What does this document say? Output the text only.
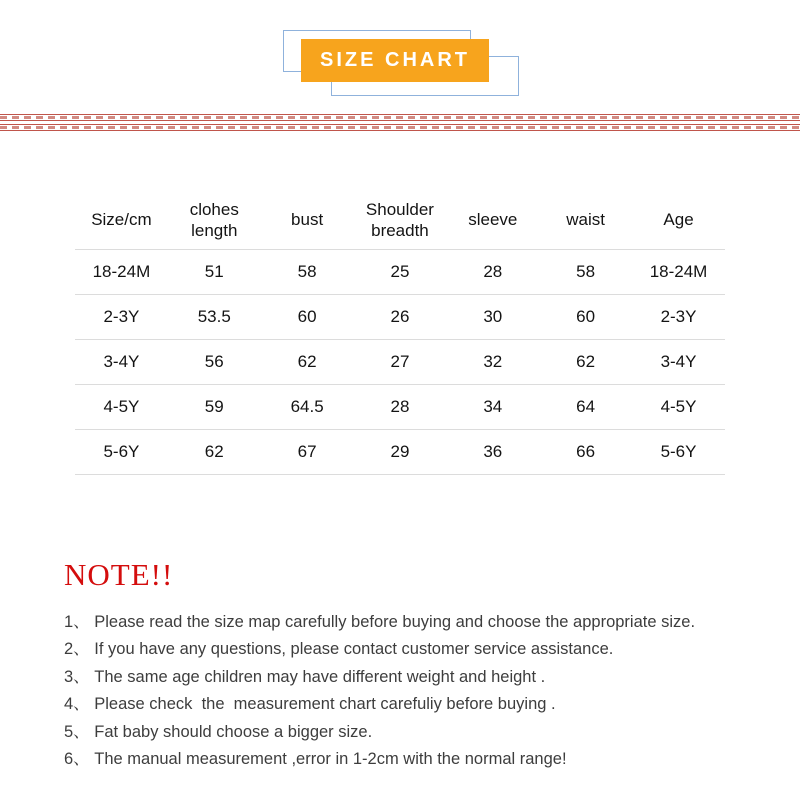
SIZE CHART
Size/cm	clohes length	bust	Shoulder breadth	sleeve	waist	Age
18-24M	51	58	25	28	58	18-24M
2-3Y	53.5	60	26	30	60	2-3Y
3-4Y	56	62	27	32	62	3-4Y
4-5Y	59	64.5	28	34	64	4-5Y
5-6Y	62	67	29	36	66	5-6Y
NOTE!!
1、 Please read the size map carefully before buying and choose the appropriate size.
2、 If you have any questions, please contact customer service assistance.
3、 The same age children may have different weight and height .
4、 Please check  the  measurement chart carefuliy before buying .
5、 Fat baby should choose a bigger size.
6、 The manual measurement ,error in 1-2cm with the normal range!
